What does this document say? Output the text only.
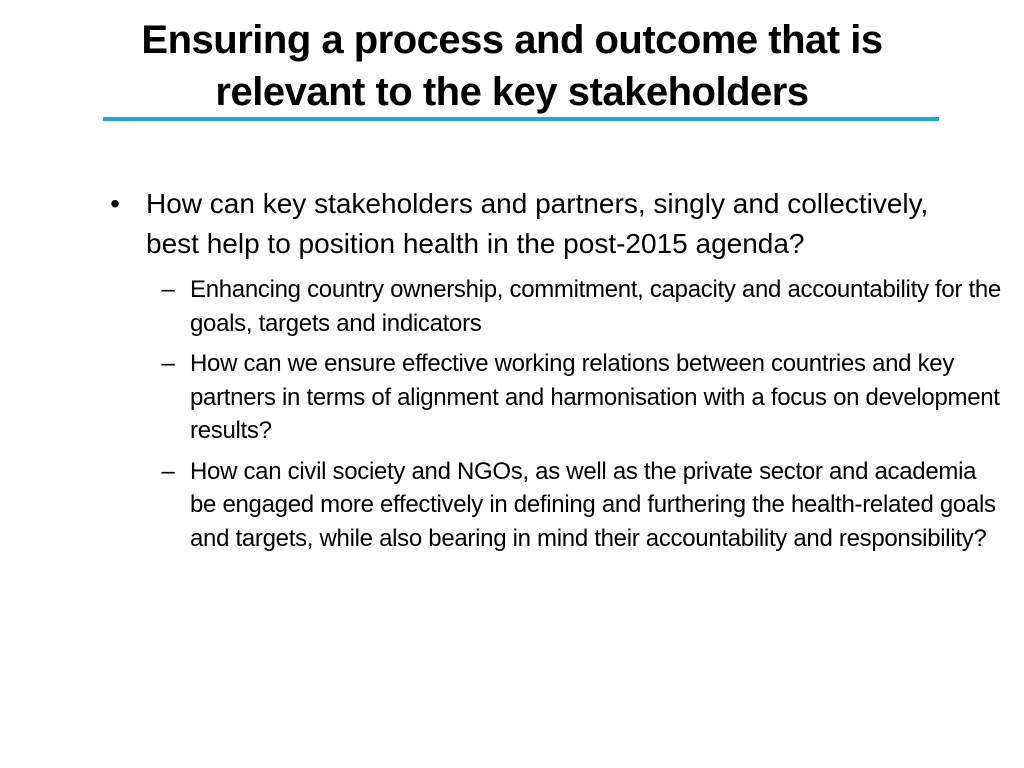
Ensuring a process and outcome that is
relevant to the key stakeholders
• How can key stakeholders and partners, singly and collectively, best help to position health in the post-2015 agenda?
– Enhancing country ownership, commitment, capacity and accountability for the goals, targets and indicators
– How can we ensure effective working relations between countries and key partners in terms of alignment and harmonisation with a focus on development results?
– How can civil society and NGOs, as well as the private sector and academia be engaged more effectively in defining and furthering the health-related goals and targets, while also bearing in mind their accountability and responsibility?
